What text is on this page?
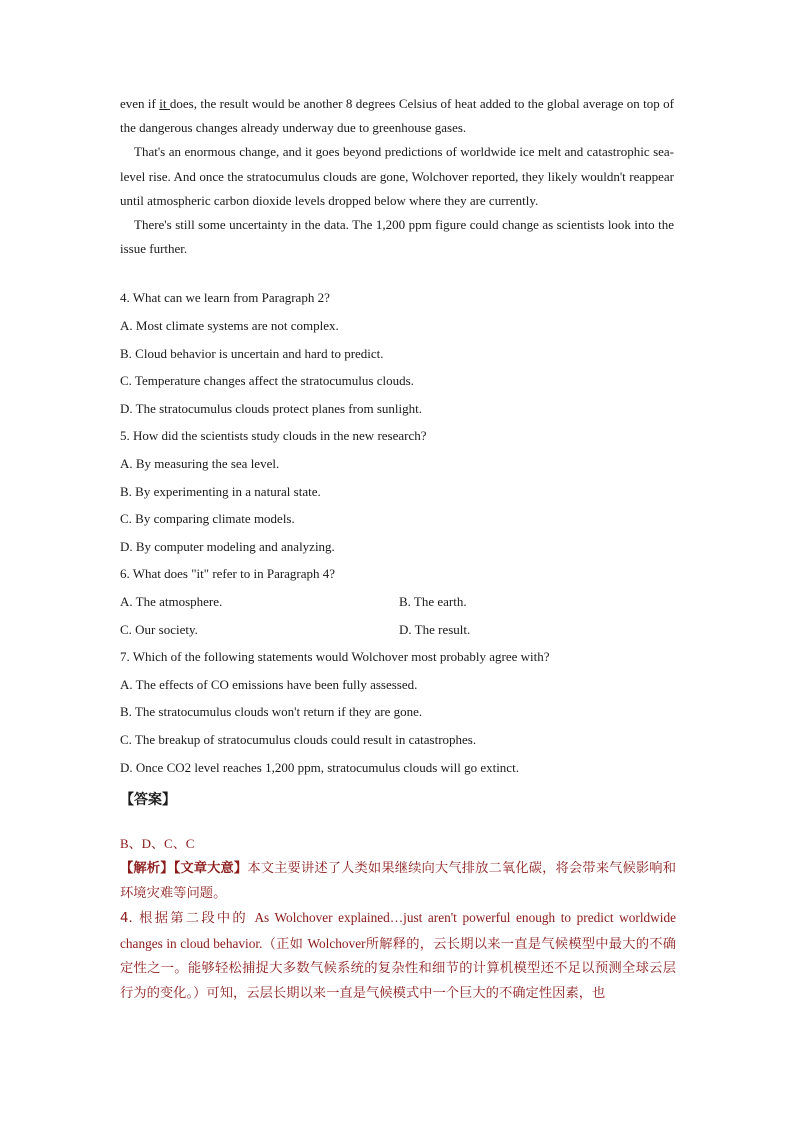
even if it does, the result would be another 8 degrees Celsius of heat added to the global average on top of the dangerous changes already underway due to greenhouse gases.

That's an enormous change, and it goes beyond predictions of worldwide ice melt and catastrophic sea-level rise. And once the stratocumulus clouds are gone, Wolchover reported, they likely wouldn't reappear until atmospheric carbon dioxide levels dropped below where they are currently.

There's still some uncertainty in the data. The 1,200 ppm figure could change as scientists look into the issue further.

4. What can we learn from Paragraph 2?
A. Most climate systems are not complex.
B. Cloud behavior is uncertain and hard to predict.
C. Temperature changes affect the stratocumulus clouds.
D. The stratocumulus clouds protect planes from sunlight.
5. How did the scientists study clouds in the new research?
A. By measuring the sea level.
B. By experimenting in a natural state.
C. By comparing climate models.
D. By computer modeling and analyzing.
6. What does "it" refer to in Paragraph 4?
A. The atmosphere.	B. The earth.
C. Our society.	D. The result.
7. Which of the following statements would Wolchover most probably agree with?
A. The effects of CO emissions have been fully assessed.
B. The stratocumulus clouds won't return if they are gone.
C. The breakup of stratocumulus clouds could result in catastrophes.
D. Once CO2 level reaches 1,200 ppm, stratocumulus clouds will go extinct.
【答案】
B、D、C、C

【解析】【文章大意】本文主要讲述了人类如果继续向大气排放二氧化碳，将会带来气候影响和环境灾难等问题。
4. 根据第二段中的 As Wolchover explained…just aren't powerful enough to predict worldwide changes in cloud behavior.（正如 Wolchover所解释的，云长期以来一直是气候模型中最大的不确定性之一。能够轻松捕捉大多数气候系统的复杂性和细节的计算机模型还不足以预测全球云层行为的变化。）可知，云层长期以来一直是气候模式中一个巨大的不确定性因素，也
